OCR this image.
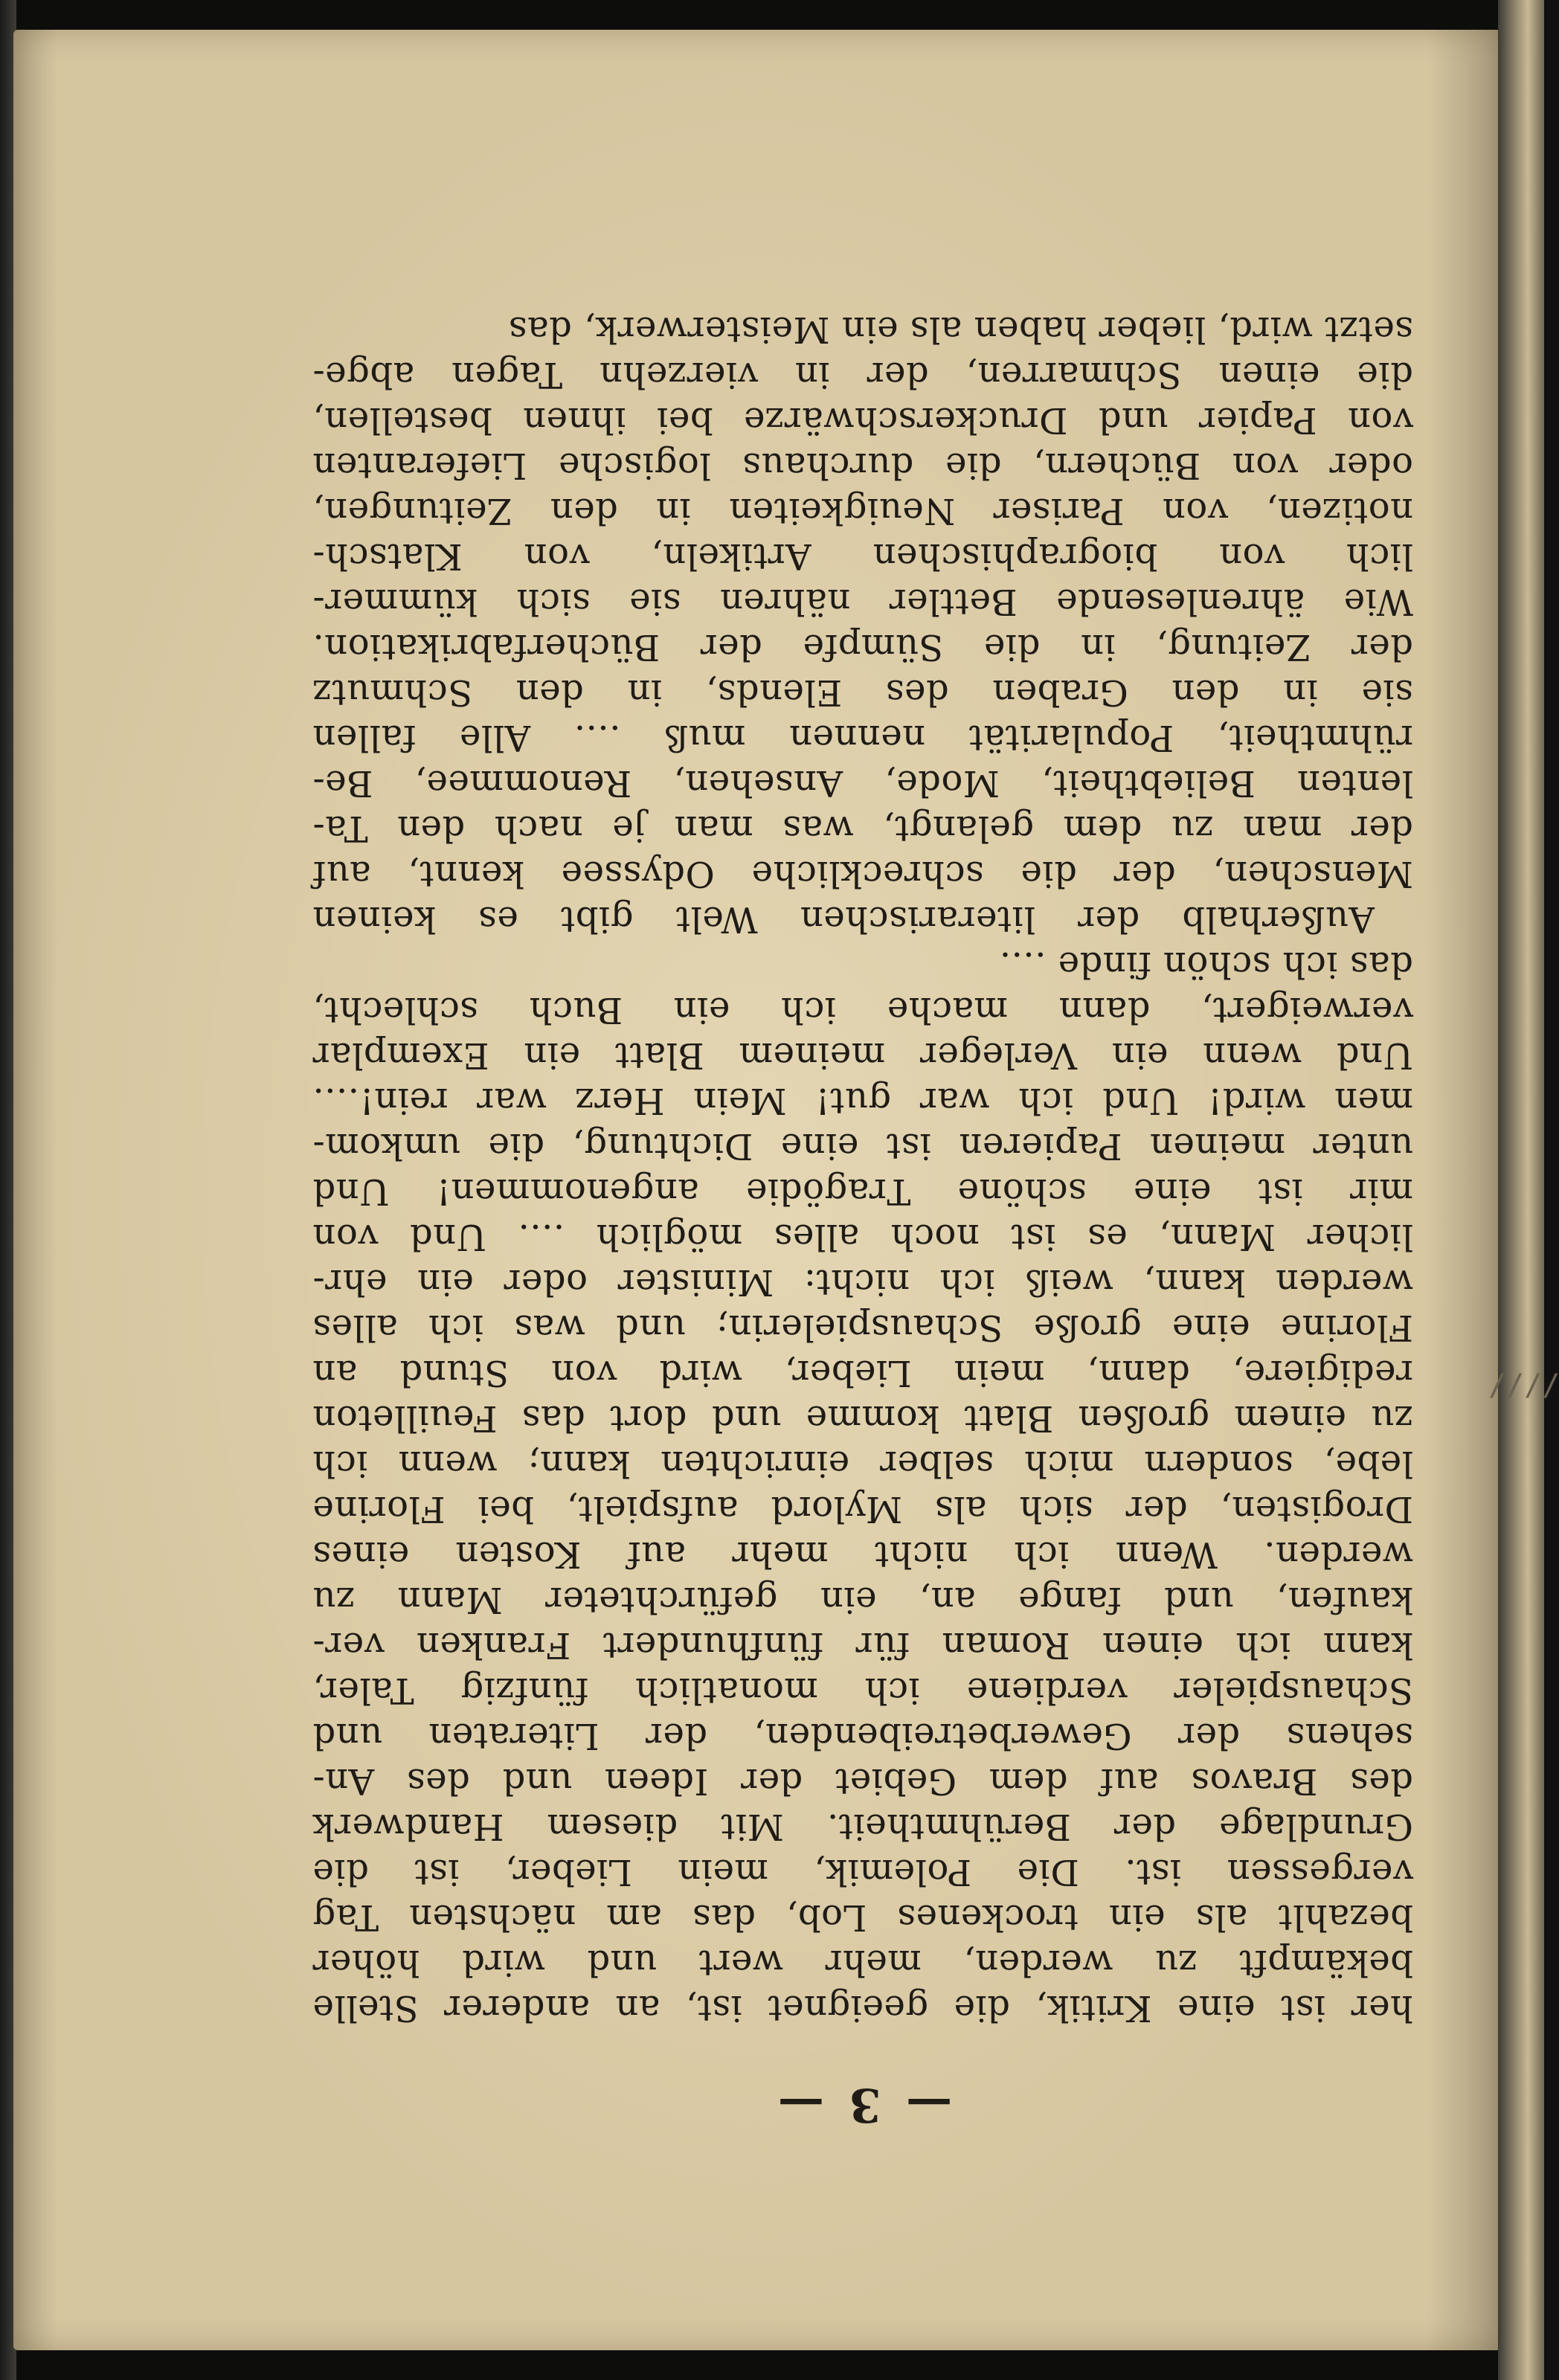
— 3 —
her ist eine Kritik, die geeignet ist, an anderer Stelle
bekämpft zu werden, mehr wert und wird höher
bezahlt als ein trockenes Lob, das am nächsten Tag
vergessen ist. Die Polemik, mein Lieber, ist die
Grundlage der Berühmtheit. Mit diesem Handwerk
des Bravos auf dem Gebiet der Ideen und des An-
sehens der Gewerbetreibenden, der Literaten und
Schauspieler verdiene ich monatlich fünfzig Taler,
kann ich einen Roman für fünfhundert Franken ver-
kaufen, und fange an, ein gefürchteter Mann zu
werden. Wenn ich nicht mehr auf Kosten eines
Drogisten, der sich als Mylord aufspielt, bei Florine
lebe, sondern mich selber einrichten kann; wenn ich
zu einem großen Blatt komme und dort das Feuilleton
redigiere, dann, mein Lieber, wird von Stund an
Florine eine große Schauspielerin; und was ich alles
werden kann, weiß ich nicht: Minister oder ein ehr-
licher Mann, es ist noch alles möglich .... Und von
mir ist eine schöne Tragödie angenommen! Und
unter meinen Papieren ist eine Dichtung, die umkom-
men wird! Und ich war gut! Mein Herz war rein!....
Und wenn ein Verleger meinem Blatt ein Exemplar
verweigert, dann mache ich ein Buch schlecht,
das ich schön finde ....
Außerhalb der literarischen Welt gibt es keinen
Menschen, der die schreckliche Odyssee kennt, auf
der man zu dem gelangt, was man je nach den Ta-
lenten Beliebtheit, Mode, Ansehen, Renommee, Be-
rühmtheit, Popularität nennen muß .... Alle fallen
sie in den Graben des Elends, in den Schmutz
der Zeitung, in die Sümpfe der Bücherfabrikation.
Wie ährenlesende Bettler nähren sie sich kümmer-
lich von biographischen Artikeln, von Klatsch-
notizen, von Pariser Neuigkeiten in den Zeitungen,
oder von Büchern, die durchaus logische Lieferanten
von Papier und Druckerschwärze bei ihnen bestellen,
die einen Schmarren, der in vierzehn Tagen abge-
setzt wird, lieber haben als ein Meisterwerk, das
////
